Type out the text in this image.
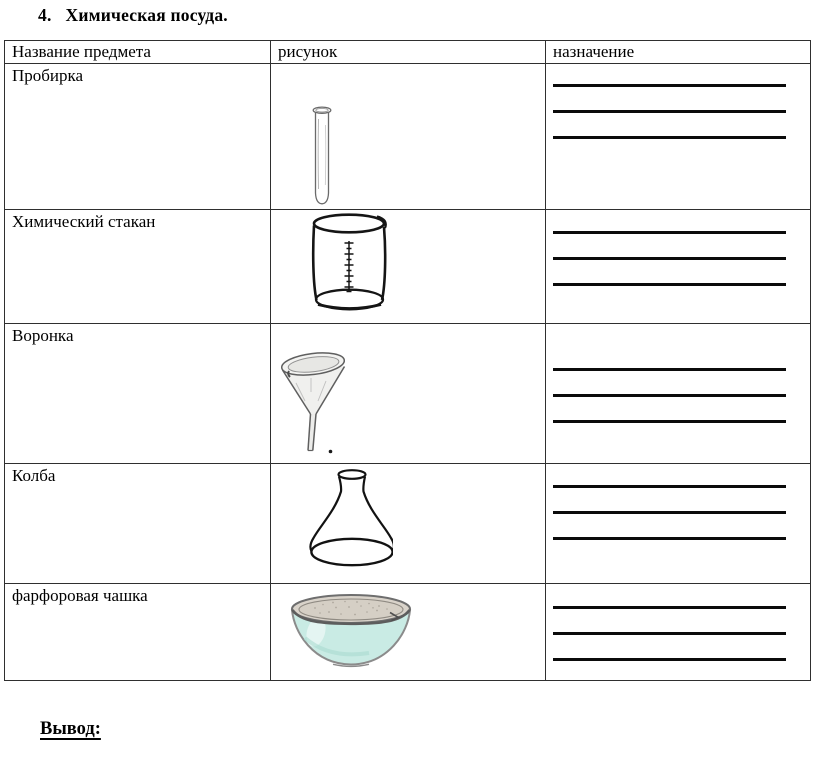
4. Химическая посуда.
Название предмета	рисунок	назначение
Пробирка
Химический стакан
Воронка
Колба
фарфоровая чашка
Вывод:
